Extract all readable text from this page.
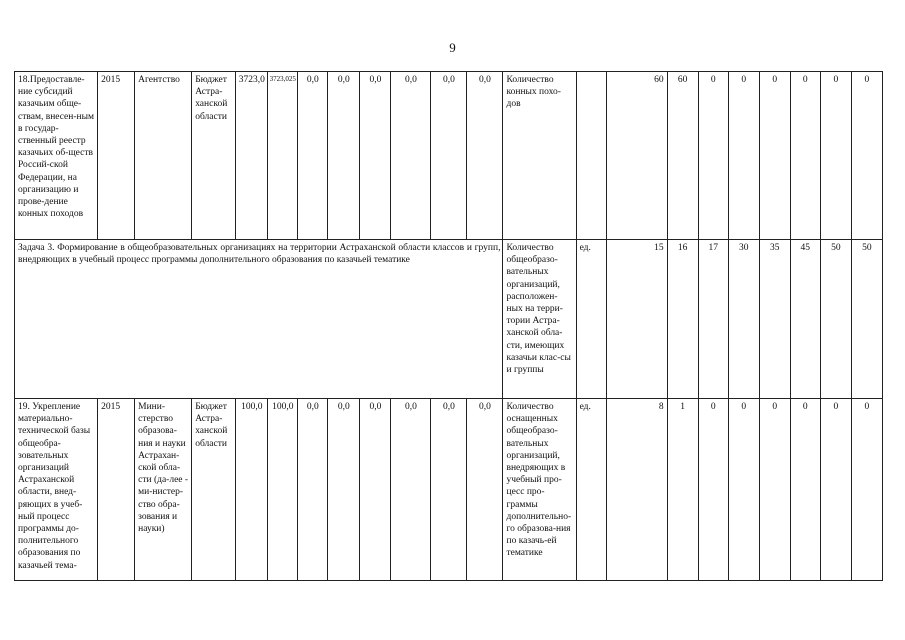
9
18.Предоставле-ние субсидий казачьим обще-ствам, внесен-ным в государ-ственный реестр казачьих об-ществ Россий-ской Федерации, на организацию и прове-дение конных походов	2015	Агентство	Бюджет Астра-ханской области	3723,0	3723,025	0,0	0,0	0,0	0,0	0,0	0,0	Количество конных похо-дов		60	60	0	0	0	0	0	0
Задача 3. Формирование в общеобразовательных организациях на территории Астраханской области классов и групп, внедряющих в учебный процесс программы дополнительного образования по казачьей тематике												Количество общеобразо-вательных организаций, расположен-ных на терри-тории Астра-ханской обла-сти, имеющих казачьи клас-сы и группы	ед.	15	16	17	30	35	45	50	50
19. Укрепление материально-технической базы общеобра-зовательных организаций Астраханской области, внед-ряющих в учеб-ный процесс программы до-полнительного образования по казачьей тема-	2015	Мини-стерство образова-ния и науки Астрахан-ской обла-сти (да-лее - ми-нистер-ство обра-зования и науки)	Бюджет Астра-ханской области	100,0	100,0	0,0	0,0	0,0	0,0	0,0	0,0	Количество оснащенных общеобразо-вательных организаций, внедряющих в учебный про-цесс про-граммы дополнительно-го образова-ния по казачь-ей тематике	ед.	8	1	0	0	0	0	0	0
